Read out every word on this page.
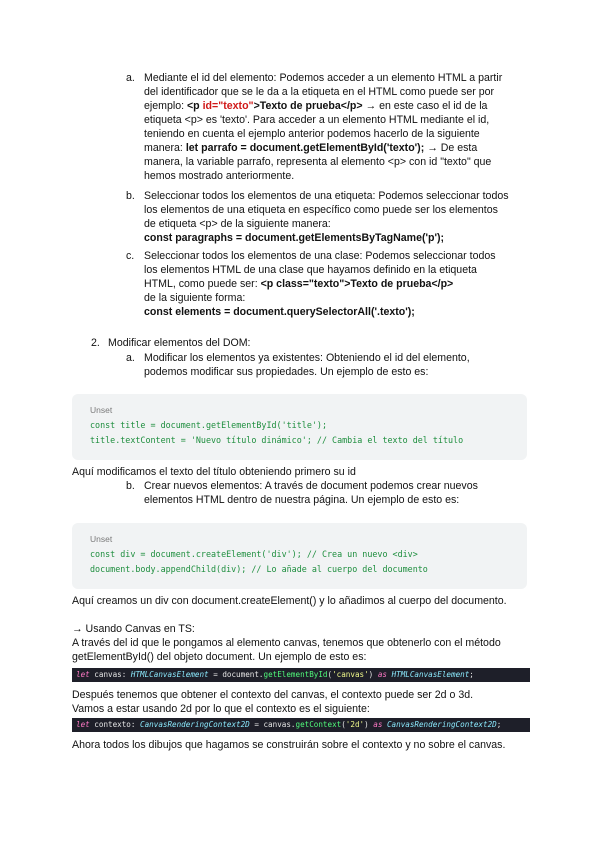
a. Mediante el id del elemento: Podemos acceder a un elemento HTML a partir
del identificador que se le da a la etiqueta en el HTML como puede ser por
ejemplo: <p id="texto">Texto de prueba</p> → en este caso el id de la
etiqueta <p> es 'texto'. Para acceder a un elemento HTML mediante el id,
teniendo en cuenta el ejemplo anterior podemos hacerlo de la siguiente
manera: let parrafo = document.getElementById('texto'); → De esta
manera, la variable parrafo, representa al elemento <p> con id "texto" que
hemos mostrado anteriormente.
b. Seleccionar todos los elementos de una etiqueta: Podemos seleccionar todos
los elementos de una etiqueta en específico como puede ser los elementos
de etiqueta <p> de la siguiente manera:
const paragraphs = document.getElementsByTagName('p');
c. Seleccionar todos los elementos de una clase: Podemos seleccionar todos
los elementos HTML de una clase que hayamos definido en la etiqueta
HTML, como puede ser: <p class="texto">Texto de prueba</p>
de la siguiente forma:
const elements = document.querySelectorAll('.texto');
2. Modificar elementos del DOM:
a. Modificar los elementos ya existentes: Obteniendo el id del elemento,
podemos modificar sus propiedades. Un ejemplo de esto es:
Unset
const title = document.getElementById('title');
title.textContent = 'Nuevo título dinámico'; // Cambia el texto del título
Aquí modificamos el texto del título obteniendo primero su id
b. Crear nuevos elementos: A través de document podemos crear nuevos
elementos HTML dentro de nuestra página. Un ejemplo de esto es:
Unset
const div = document.createElement('div'); // Crea un nuevo <div>
document.body.appendChild(div); // Lo añade al cuerpo del documento
Aquí creamos un div con document.createElement() y lo añadimos al cuerpo del documento.
→ Usando Canvas en TS:
A través del id que le pongamos al elemento canvas, tenemos que obtenerlo con el método
getElementById() del objeto document. Un ejemplo de esto es:
let canvas: HTMLCanvasElement = document.getElementById('canvas') as HTMLCanvasElement;
Después tenemos que obtener el contexto del canvas, el contexto puede ser 2d o 3d.
Vamos a estar usando 2d por lo que el contexto es el siguiente:
let contexto: CanvasRenderingContext2D = canvas.getContext('2d') as CanvasRenderingContext2D;
Ahora todos los dibujos que hagamos se construirán sobre el contexto y no sobre el canvas.
